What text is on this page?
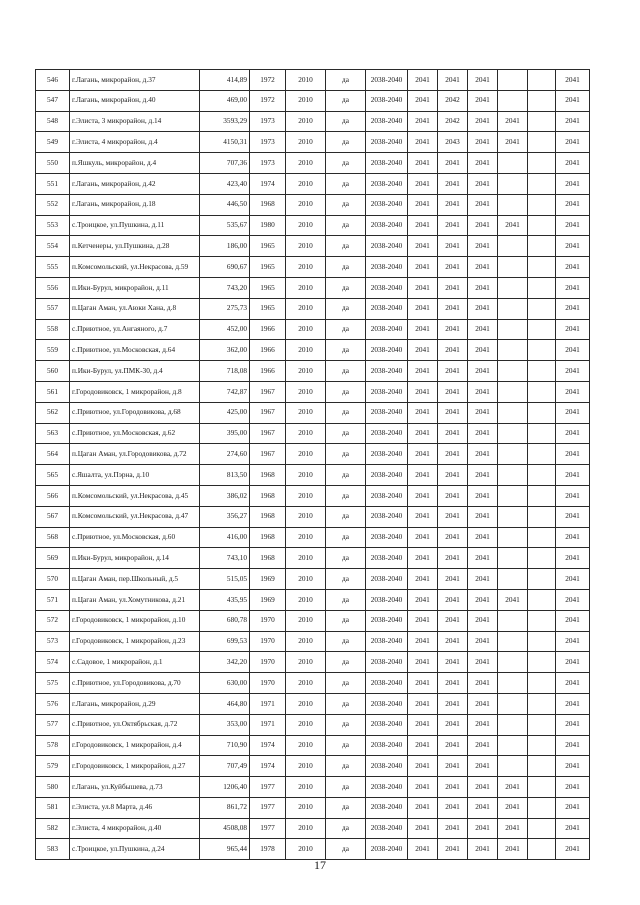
546	г.Лагань, микрорайон, д.37	414,89	1972	2010	да	2038-2040	2041	2041	2041			2041
547	г.Лагань, микрорайон, д.40	469,00	1972	2010	да	2038-2040	2041	2042	2041			2041
548	г.Элиста, 3 микрорайон, д.14	3593,29	1973	2010	да	2038-2040	2041	2042	2041	2041		2041
549	г.Элиста, 4 микрорайон, д.4	4150,31	1973	2010	да	2038-2040	2041	2043	2041	2041		2041
550	п.Яшкуль, микрорайон, д.4	707,36	1973	2010	да	2038-2040	2041	2041	2041			2041
551	г.Лагань, микрорайон, д.42	423,40	1974	2010	да	2038-2040	2041	2041	2041			2041
552	г.Лагань, микрорайон, д.18	446,50	1968	2010	да	2038-2040	2041	2041	2041			2041
553	с.Троицкое, ул.Пушкина, д.11	535,67	1980	2010	да	2038-2040	2041	2041	2041	2041		2041
554	п.Кетченеры, ул.Пушкина, д.28	186,00	1965	2010	да	2038-2040	2041	2041	2041			2041
555	п.Комсомольский, ул.Некрасова, д.59	690,67	1965	2010	да	2038-2040	2041	2041	2041			2041
556	п.Ики-Бурул, микрорайон, д.11	743,20	1965	2010	да	2038-2040	2041	2041	2041			2041
557	п.Цаган Аман, ул.Аюки Хана, д.8	275,73	1965	2010	да	2038-2040	2041	2041	2041			2041
558	с.Приютное, ул.Ангаяного, д.7	452,00	1966	2010	да	2038-2040	2041	2041	2041			2041
559	с.Приютное, ул.Московская, д.64	362,00	1966	2010	да	2038-2040	2041	2041	2041			2041
560	п.Ики-Бурул, ул.ПМК-30, д.4	718,08	1966	2010	да	2038-2040	2041	2041	2041			2041
561	г.Городовиковск, 1 микрорайон, д.8	742,87	1967	2010	да	2038-2040	2041	2041	2041			2041
562	с.Приютное, ул.Городовикова, д.68	425,00	1967	2010	да	2038-2040	2041	2041	2041			2041
563	с.Приютное, ул.Московская, д.62	395,00	1967	2010	да	2038-2040	2041	2041	2041			2041
564	п.Цаган Аман, ул.Городовикова, д.72	274,60	1967	2010	да	2038-2040	2041	2041	2041			2041
565	с.Яшалта, ул.Пэрна, д.10	813,50	1968	2010	да	2038-2040	2041	2041	2041			2041
566	п.Комсомольский, ул.Некрасова, д.45	386,02	1968	2010	да	2038-2040	2041	2041	2041			2041
567	п.Комсомольский, ул.Некрасова, д.47	356,27	1968	2010	да	2038-2040	2041	2041	2041			2041
568	с.Приютное, ул.Московская, д.60	416,00	1968	2010	да	2038-2040	2041	2041	2041			2041
569	п.Ики-Бурул, микрорайон, д.14	743,10	1968	2010	да	2038-2040	2041	2041	2041			2041
570	п.Цаган Аман, пер.Школьный, д.5	515,05	1969	2010	да	2038-2040	2041	2041	2041			2041
571	п.Цаган Аман, ул.Хомутникова, д.21	435,95	1969	2010	да	2038-2040	2041	2041	2041	2041		2041
572	г.Городовиковск, 1 микрорайон, д.10	680,78	1970	2010	да	2038-2040	2041	2041	2041			2041
573	г.Городовиковск, 1 микрорайон, д.23	699,53	1970	2010	да	2038-2040	2041	2041	2041			2041
574	с.Садовое, 1 микрорайон, д.1	342,20	1970	2010	да	2038-2040	2041	2041	2041			2041
575	с.Приютное, ул.Городовикова, д.70	630,00	1970	2010	да	2038-2040	2041	2041	2041			2041
576	г.Лагань, микрорайон, д.29	464,80	1971	2010	да	2038-2040	2041	2041	2041			2041
577	с.Приютное, ул.Октябрьская, д.72	353,00	1971	2010	да	2038-2040	2041	2041	2041			2041
578	г.Городовиковск, 1 микрорайон, д.4	710,90	1974	2010	да	2038-2040	2041	2041	2041			2041
579	г.Городовиковск, 1 микрорайон, д.27	707,49	1974	2010	да	2038-2040	2041	2041	2041			2041
580	г.Лагань, ул.Куйбышева, д.73	1206,40	1977	2010	да	2038-2040	2041	2041	2041	2041		2041
581	г.Элиста, ул.8 Марта, д.46	861,72	1977	2010	да	2038-2040	2041	2041	2041	2041		2041
582	г.Элиста, 4 микрорайон, д.40	4508,08	1977	2010	да	2038-2040	2041	2041	2041	2041		2041
583	с.Троицкое, ул.Пушкина, д.24	965,44	1978	2010	да	2038-2040	2041	2041	2041	2041		2041
17
